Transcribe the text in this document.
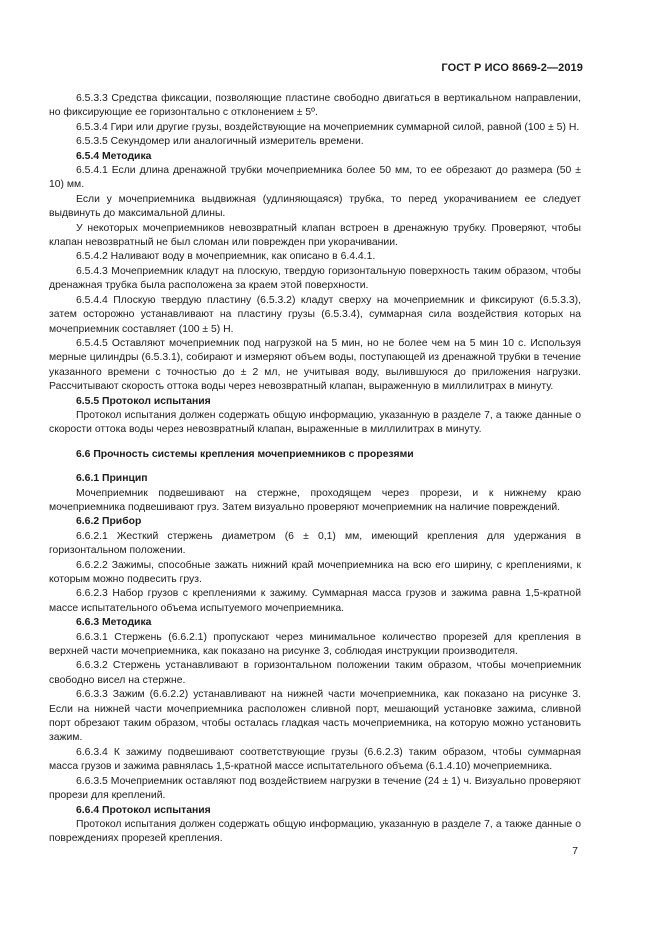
ГОСТ Р ИСО 8669-2—2019

6.5.3.3 Средства фиксации, позволяющие пластине свободно двигаться в вертикальном направлении, но фиксирующие ее горизонтально с отклонением ± 5º.

6.5.3.4 Гири или другие грузы, воздействующие на мочеприемник суммарной силой, равной (100 ± 5) Н.

6.5.3.5 Секундомер или аналогичный измеритель времени.

6.5.4 Методика

6.5.4.1 Если длина дренажной трубки мочеприемника более 50 мм, то ее обрезают до размера (50 ± 10) мм.

Если у мочеприемника выдвижная (удлиняющаяся) трубка, то перед укорачиванием ее следует выдвинуть до максимальной длины.

У некоторых мочеприемников невозвратный клапан встроен в дренажную трубку. Проверяют, чтобы клапан невозвратный не был сломан или поврежден при укорачивании.

6.5.4.2 Наливают воду в мочеприемник, как описано в 6.4.4.1.

6.5.4.3 Мочеприемник кладут на плоскую, твердую горизонтальную поверхность таким образом, чтобы дренажная трубка была расположена за краем этой поверхности.

6.5.4.4 Плоскую твердую пластину (6.5.3.2) кладут сверху на мочеприемник и фиксируют (6.5.3.3), затем осторожно устанавливают на пластину грузы (6.5.3.4), суммарная сила воздействия которых на мочеприемник составляет (100 ± 5) Н.

6.5.4.5 Оставляют мочеприемник под нагрузкой на 5 мин, но не более чем на 5 мин 10 с. Используя мерные цилиндры (6.5.3.1), собирают и измеряют объем воды, поступающей из дренажной трубки в течение указанного времени с точностью до ± 2 мл, не учитывая воду, вылившуюся до приложения нагрузки. Рассчитывают скорость оттока воды через невозвратный клапан, выраженную в миллилитрах в минуту.

6.5.5 Протокол испытания

Протокол испытания должен содержать общую информацию, указанную в разделе 7, а также данные о скорости оттока воды через невозвратный клапан, выраженные в миллилитрах в минуту.

6.6 Прочность системы крепления мочеприемников с прорезями

6.6.1 Принцип

Мочеприемник подвешивают на стержне, проходящем через прорези, и к нижнему краю мочеприемника подвешивают груз. Затем визуально проверяют мочеприемник на наличие повреждений.

6.6.2 Прибор

6.6.2.1 Жесткий стержень диаметром (6 ± 0,1) мм, имеющий крепления для удержания в горизонтальном положении.

6.6.2.2 Зажимы, способные зажать нижний край мочеприемника на всю его ширину, с креплениями, к которым можно подвесить груз.

6.6.2.3 Набор грузов с креплениями к зажиму. Суммарная масса грузов и зажима равна 1,5-кратной массе испытательного объема испытуемого мочеприемника.

6.6.3 Методика

6.6.3.1 Стержень (6.6.2.1) пропускают через минимальное количество прорезей для крепления в верхней части мочеприемника, как показано на рисунке 3, соблюдая инструкции производителя.

6.6.3.2 Стержень устанавливают в горизонтальном положении таким образом, чтобы мочеприемник свободно висел на стержне.

6.6.3.3 Зажим (6.6.2.2) устанавливают на нижней части мочеприемника, как показано на рисунке 3. Если на нижней части мочеприемника расположен сливной порт, мешающий установке зажима, сливной порт обрезают таким образом, чтобы осталась гладкая часть мочеприемника, на которую можно установить зажим.

6.6.3.4 К зажиму подвешивают соответствующие грузы (6.6.2.3) таким образом, чтобы суммарная масса грузов и зажима равнялась 1,5-кратной массе испытательного объема (6.1.4.10) мочеприемника.

6.6.3.5 Мочеприемник оставляют под воздействием нагрузки в течение (24 ± 1) ч. Визуально проверяют прорези для креплений.

6.6.4 Протокол испытания

Протокол испытания должен содержать общую информацию, указанную в разделе 7, а также данные о повреждениях прорезей крепления.

7
